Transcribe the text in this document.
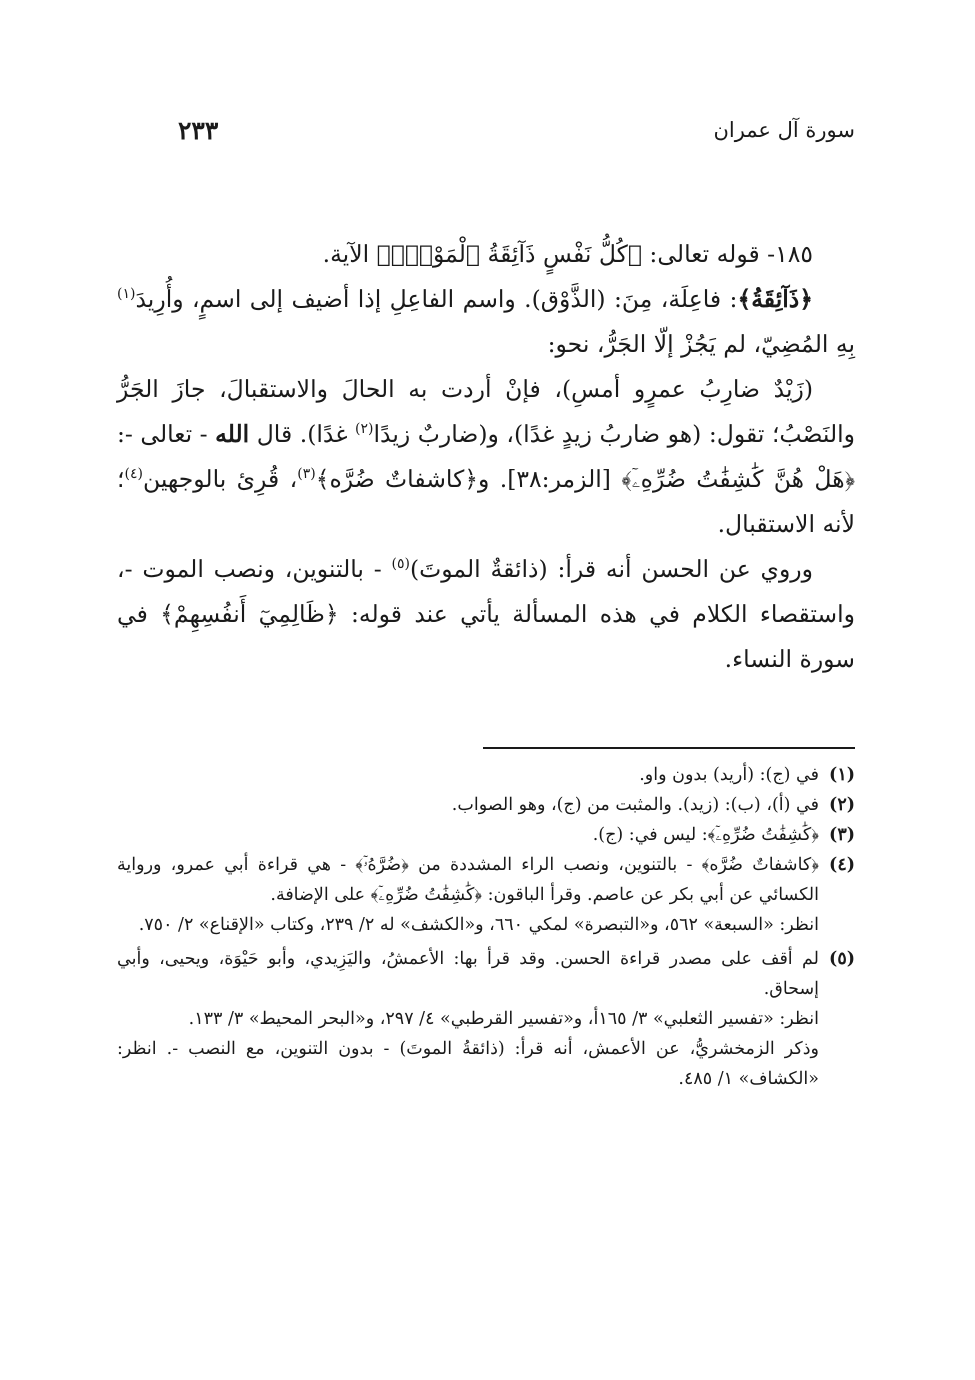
سورة آل عمران
٢٣٣

١٨٥- قوله تعالى: ﴿كُلُّ نَفْسٍ ذَآئِقَةُ ٱلْمَوْتِۗ﴾ الآية.

﴿ذَآئِقَةُ﴾: فاعِلَة، مِنَ: (الذَّوْق). واسم الفاعِلِ إذا أضيف إلى اسمٍ، وأُرِيدَ$^{(١)}$ بِهِ المُضِيّ، لم يَجُزْ إلّا الجَرُّ، نحو:

(زَيْدٌ ضارِبُ عمرٍو أمسِ)، فإنْ أردت به الحالَ والاستقبالَ، جازَ الجَرُّ والنَصْبُ؛ تقول: (هو ضاربُ زيدٍ غدًا)، و(ضاربٌ زيدًا$^{(٢)}$ غدًا). قال الله - تعالى -: ﴿هَلْ هُنَّ كَٰشِفَٰتُ ضُرِّهِۦٓ﴾ [الزمر:٣٨]. و﴿كاشفاتٌ ضُرَّه﴾$^{(٣)}$، قُرِئ بالوجهين$^{(٤)}$؛ لأنه الاستقبال.

وروي عن الحسن أنه قرأ: (ذائقةٌ الموتَ)$^{(٥)}$ - بالتنوين، ونصب الموت -، واستقصاء الكلام في هذه المسألة يأتي عند قوله: ﴿ظَالِمِيٓ أَنفُسِهِمْ﴾ في سورة النساء.

(١)

في (ج): (أريد) بدون واو.

(٢)

في (أ)، (ب): (زيد). والمثبت من (ج)، وهو الصواب.

(٣)

﴿كَٰشِفَٰتُ ضُرِّهِۦٓ﴾: ليس في: (ج).

(٤)

﴿كاشفاتٌ ضُرَّه﴾ - بالتنوين، ونصب الراء المشددة من ﴿ضُرَّهُۥٓ﴾ - هي قراءة أبي عمرو، ورواية الكسائي عن أبي بكر عن عاصم. وقرأ الباقون: ﴿كَٰشِفَٰتُ ضُرِّهِۦٓ﴾ على الإضافة.

انظر: «السبعة» ٥٦٢، و«التبصرة» لمكي ٦٦٠، و«الكشف» له ٢/ ٢٣٩، وكتاب «الإقناع» ٢/ ٧٥٠.

(٥)

لم أقف على مصدر قراءة الحسن. وقد قرأ بها: الأعمشُ، واليَزِيدي، وأبو حَيْوَة، ويحيى، وأبي إسحاق.

انظر: «تفسير الثعلبي» ٣/ ١٦٥أ، و«تفسير القرطبي» ٤/ ٢٩٧، و«البحر المحيط» ٣/ ١٣٣.

وذكر الزمخشريُّ، عن الأعمش، أنه قرأ: (ذائقةُ الموتَ) - بدون التنوين، مع النصب -. انظر: «الكشاف» ١/ ٤٨٥.
